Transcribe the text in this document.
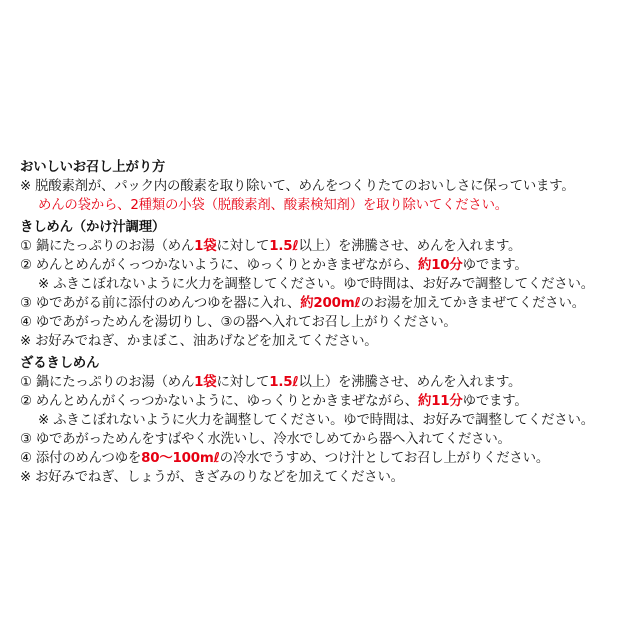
おいしいお召し上がり方
※ 脱酸素剤が、パック内の酸素を取り除いて、めんをつくりたてのおいしさに保っています。
めんの袋から、2種類の小袋（脱酸素剤、酸素検知剤）を取り除いてください。
きしめん（かけ汁調理）
① 鍋にたっぷりのお湯（めん1袋に対して1.5ℓ以上）を沸騰させ、めんを入れます。
② めんとめんがくっつかないように、ゆっくりとかきまぜながら、約10分ゆでます。
※ ふきこぼれないように火力を調整してください。ゆで時間は、お好みで調整してください。
③ ゆであがる前に添付のめんつゆを器に入れ、約200mℓのお湯を加えてかきまぜてください。
④ ゆであがっためんを湯切りし、③の器へ入れてお召し上がりください。
※ お好みでねぎ、かまぼこ、油あげなどを加えてください。
ざるきしめん
① 鍋にたっぷりのお湯（めん1袋に対して1.5ℓ以上）を沸騰させ、めんを入れます。
② めんとめんがくっつかないように、ゆっくりとかきまぜながら、約11分ゆでます。
※ ふきこぼれないように火力を調整してください。ゆで時間は、お好みで調整してください。
③ ゆであがっためんをすばやく水洗いし、冷水でしめてから器へ入れてください。
④ 添付のめんつゆを80〜100mℓの冷水でうすめ、つけ汁としてお召し上がりください。
※ お好みでねぎ、しょうが、きざみのりなどを加えてください。
